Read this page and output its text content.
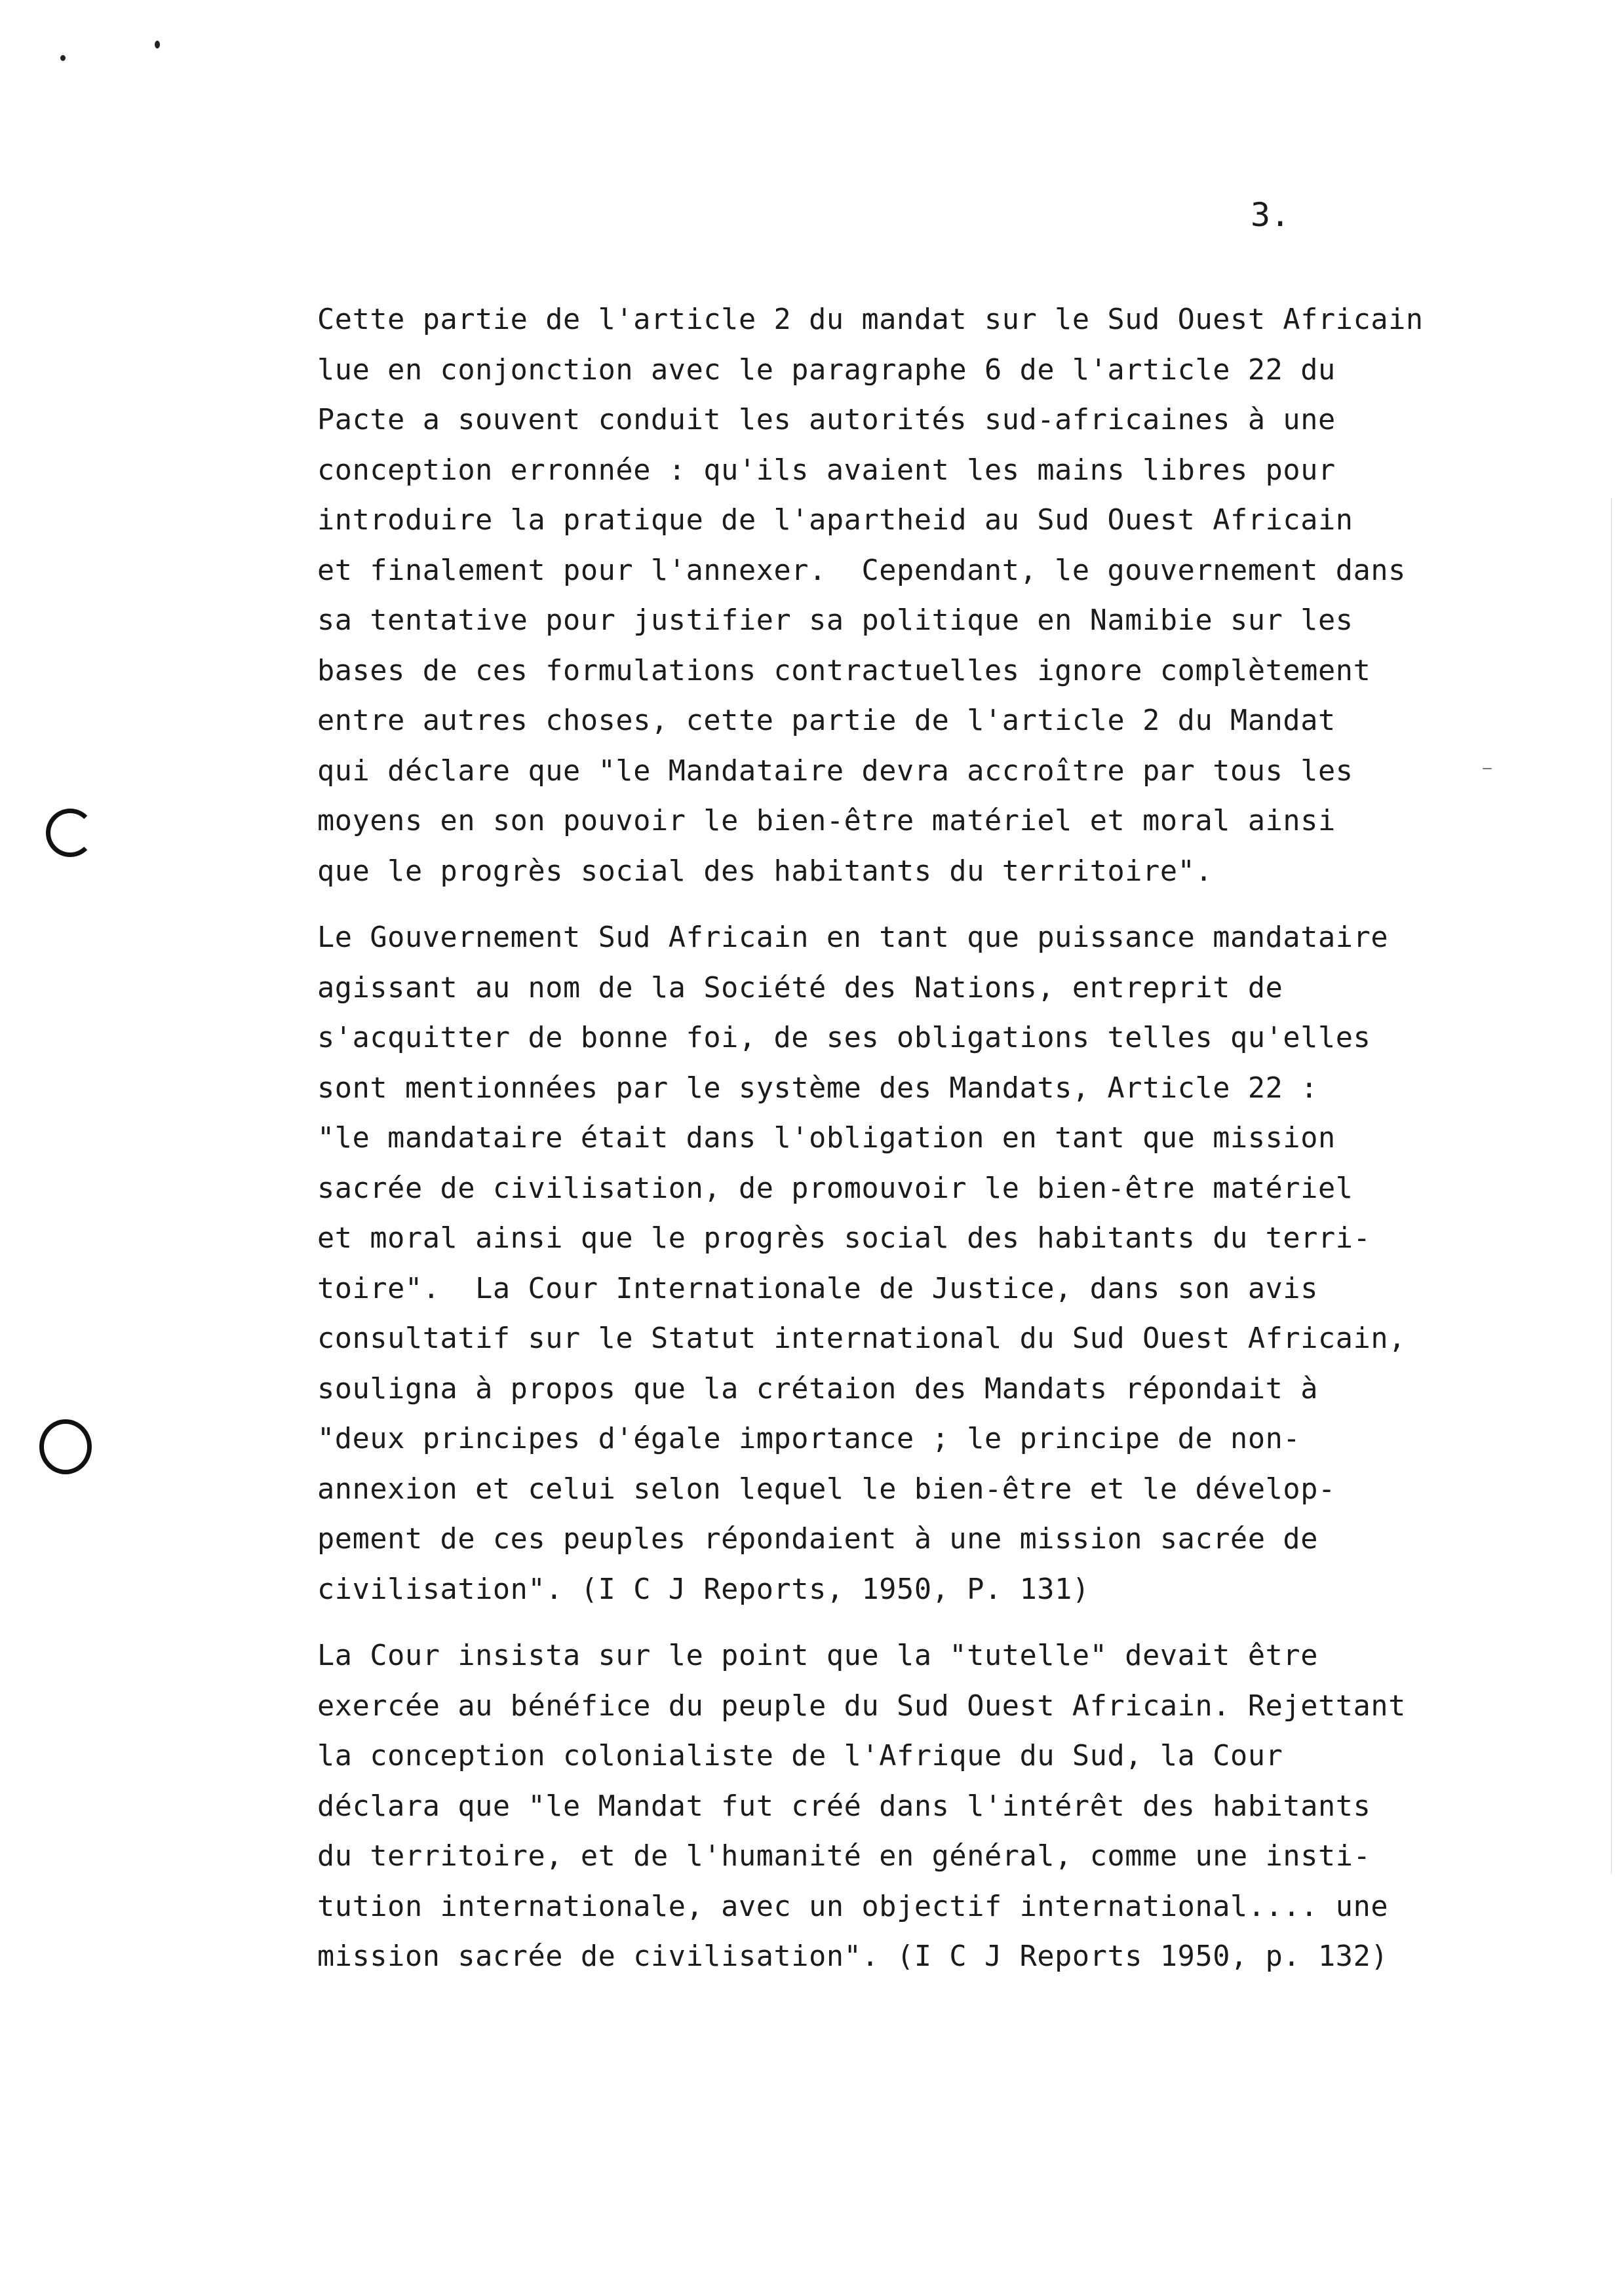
3.
Cette partie de l'article 2 du mandat sur le Sud Ouest Africain
lue en conjonction avec le paragraphe 6 de l'article 22 du
Pacte a souvent conduit les autorités sud-africaines à une
conception erronnée : qu'ils avaient les mains libres pour
introduire la pratique de l'apartheid au Sud Ouest Africain
et finalement pour l'annexer.  Cependant, le gouvernement dans
sa tentative pour justifier sa politique en Namibie sur les
bases de ces formulations contractuelles ignore complètement
entre autres choses, cette partie de l'article 2 du Mandat
qui déclare que "le Mandataire devra accroître par tous les
moyens en son pouvoir le bien-être matériel et moral ainsi
que le progrès social des habitants du territoire".
Le Gouvernement Sud Africain en tant que puissance mandataire
agissant au nom de la Société des Nations, entreprit de
s'acquitter de bonne foi, de ses obligations telles qu'elles
sont mentionnées par le système des Mandats, Article 22 :
"le mandataire était dans l'obligation en tant que mission
sacrée de civilisation, de promouvoir le bien-être matériel
et moral ainsi que le progrès social des habitants du terri-
toire".  La Cour Internationale de Justice, dans son avis
consultatif sur le Statut international du Sud Ouest Africain,
souligna à propos que la crétaion des Mandats répondait à
"deux principes d'égale importance ; le principe de non-
annexion et celui selon lequel le bien-être et le dévelop-
pement de ces peuples répondaient à une mission sacrée de
civilisation". (I C J Reports, 1950, P. 131)
La Cour insista sur le point que la "tutelle" devait être
exercée au bénéfice du peuple du Sud Ouest Africain. Rejettant
la conception colonialiste de l'Afrique du Sud, la Cour
déclara que "le Mandat fut créé dans l'intérêt des habitants
du territoire, et de l'humanité en général, comme une insti-
tution internationale, avec un objectif international.... une
mission sacrée de civilisation". (I C J Reports 1950, p. 132)
